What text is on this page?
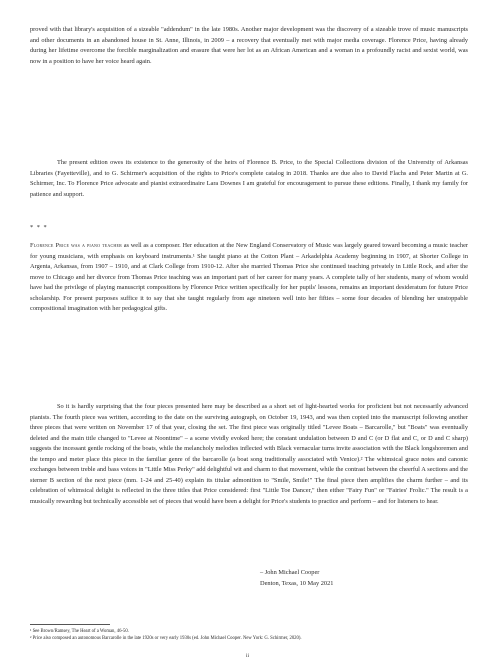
proved with that library's acquisition of a sizeable "addendum" in the late 1980s. Another major development was the discovery of a sizeable trove of music manuscripts and other documents in an abandoned house in St. Anne, Illinois, in 2009 – a recovery that eventually met with major media coverage. Florence Price, having already during her lifetime overcome the forcible marginalization and erasure that were her lot as an African American and a woman in a profoundly racist and sexist world, was now in a position to have her voice heard again.

The present edition owes its existence to the generosity of the heirs of Florence B. Price, to the Special Collections division of the University of Arkansas Libraries (Fayetteville), and to G. Schirmer's acquisition of the rights to Price's complete catalog in 2018. Thanks are due also to David Flachs and Peter Martin at G. Schirmer, Inc. To Florence Price advocate and pianist extraordinaire Lara Downes I am grateful for encouragement to pursue these editions. Finally, I thank my family for patience and support.

* * *

Florence Price was a piano teacher as well as a composer. Her education at the New England Conservatory of Music was largely geared toward becoming a music teacher for young musicians, with emphasis on keyboard instruments.¹ She taught piano at the Cotton Plant – Arkadelphia Academy beginning in 1907, at Shorter College in Argenta, Arkansas, from 1907 – 1910, and at Clark College from 1910-12. After she married Thomas Price she continued teaching privately in Little Rock, and after the move to Chicago and her divorce from Thomas Price teaching was an important part of her career for many years. A complete tally of her students, many of whom would have had the privilege of playing manuscript compositions by Florence Price written specifically for her pupils' lessons, remains an important desideratum for future Price scholarship. For present purposes suffice it to say that she taught regularly from age nineteen well into her fifties – some four decades of blending her unstoppable compositional imagination with her pedagogical gifts.

So it is hardly surprising that the four pieces presented here may be described as a short set of light-hearted works for proficient but not necessarily advanced pianists. The fourth piece was written, according to the date on the surviving autograph, on October 19, 1943, and was then copied into the manuscript following another three pieces that were written on November 17 of that year, closing the set. The first piece was originally titled "Levee Boats – Barcarolle," but "Boats" was eventually deleted and the main title changed to "Levee at Noontime" – a scene vividly evoked here; the constant undulation between D and C (or D flat and C, or D and C sharp) suggests the incessant gentle rocking of the boats, while the melancholy melodies inflected with Black vernacular turns invite association with the Black longshoremen and the tempo and meter place this piece in the familiar genre of the barcarolle (a boat song traditionally associated with Venice).² The whimsical grace notes and canonic exchanges between treble and bass voices in "Little Miss Perky" add delightful wit and charm to that movement, while the contrast between the cheerful A sections and the sterner B section of the next piece (mm. 1-24 and 25-40) explain its titular admonition to "Smile, Smile!" The final piece then amplifies the charm further – and its celebration of whimsical delight is reflected in the three titles that Price considered: first "Little Toe Dancer," then either "Fairy Fun" or "Fairies' Frolic." The result is a musically rewarding but technically accessible set of pieces that would have been a delight for Price's students to practice and perform – and for listeners to hear.

– John Michael Cooper
Denton, Texas, 10 May 2021
¹ See Brown/Ramsey, The Heart of a Woman, 46-50.
² Price also composed an autonomous Barcarolle in the late 1920s or very early 1930s (ed. John Michael Cooper. New York: G. Schirmer, 2020).
ii
